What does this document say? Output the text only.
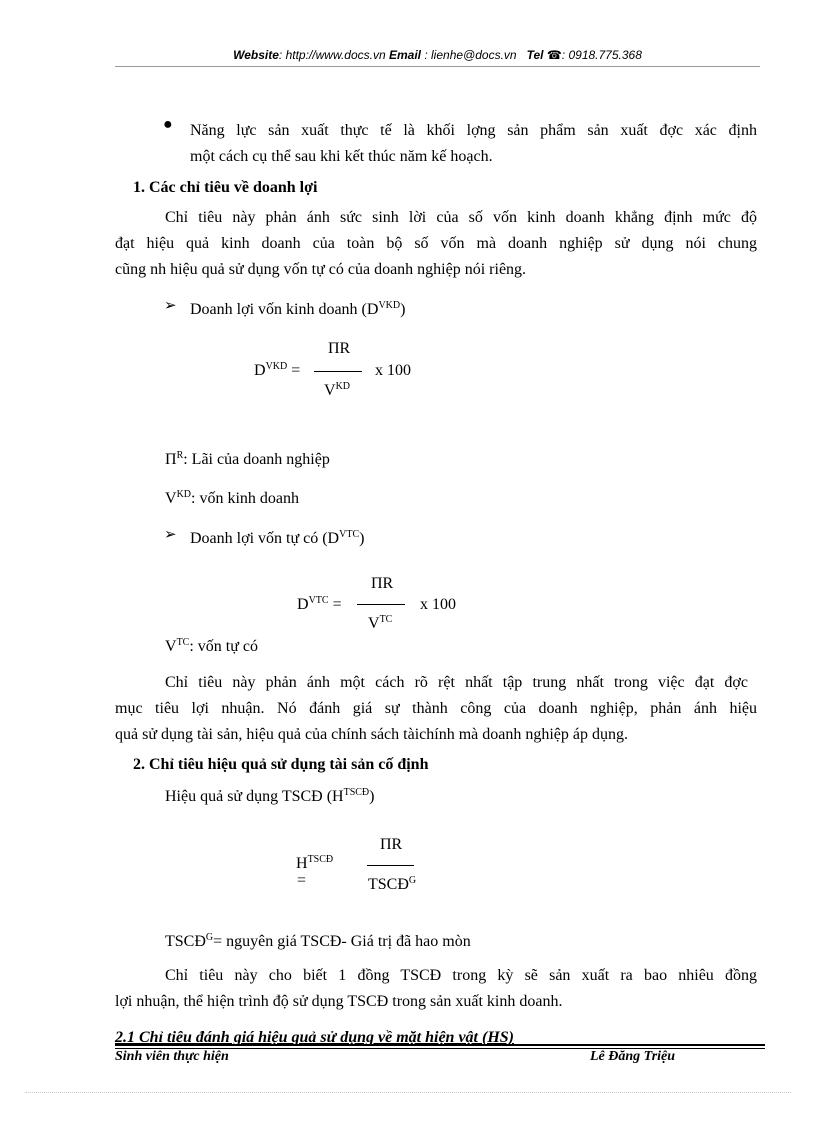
Website: http://www.docs.vn Email : lienhe@docs.vn Tel ☎: 0918.775.368
● Năng lực sản xuất thực tế là khối lợng sản phẩm sản xuất đợc xác định
một cách cụ thể sau khi kết thúc năm kế hoạch.
1. Các chỉ tiêu về doanh lợi
Chỉ tiêu này phản ánh sức sinh lời của số vốn kinh doanh khẳng định mức độ
đạt hiệu quả kinh doanh của toàn bộ số vốn mà doanh nghiệp sử dụng nói chung
cũng nh hiệu quả sử dụng vốn tự có của doanh nghiệp nói riêng.
➢ Doanh lợi vốn kinh doanh $(D^{VKD})$
$D^{VKD}$ =
ΠR
$V^{KD}$
x 100
$\Pi^R$: Lãi của doanh nghiệp
$V^{KD}$: vốn kinh doanh
➢ Doanh lợi vốn tự có $(D^{VTC})$
$D^{VTC}$ =
ΠR
$V^{TC}$
x 100
$V^{TC}$: vốn tự có
Chỉ tiêu này phản ánh một cách rõ rệt nhất tập trung nhất trong việc đạt đợc
mục tiêu lợi nhuận. Nó đánh giá sự thành công của doanh nghiệp, phản ánh hiệu
quả sử dụng tài sản, hiệu quả của chính sách tàichính mà doanh nghiệp áp dụng.
2. Chỉ tiêu hiệu quả sử dụng tài sản cố định
Hiệu quả sử dụng TSCĐ $(H^{TSCĐ})$
$H^{TSCĐ}$
=
ΠR
$TSCĐ^G$
$TSCĐ^G=$ nguyên giá TSCĐ- Giá trị đã hao mòn
Chỉ tiêu này cho biết 1 đồng TSCĐ trong kỳ sẽ sản xuất ra bao nhiêu đồng
lợi nhuận, thể hiện trình độ sử dụng TSCĐ trong sản xuất kinh doanh.
2.1 Chỉ tiêu đánh giá hiệu quả sử dụng về mặt hiện vật (HS)
Sinh viên thực hiện	Lê Đăng Triệu
